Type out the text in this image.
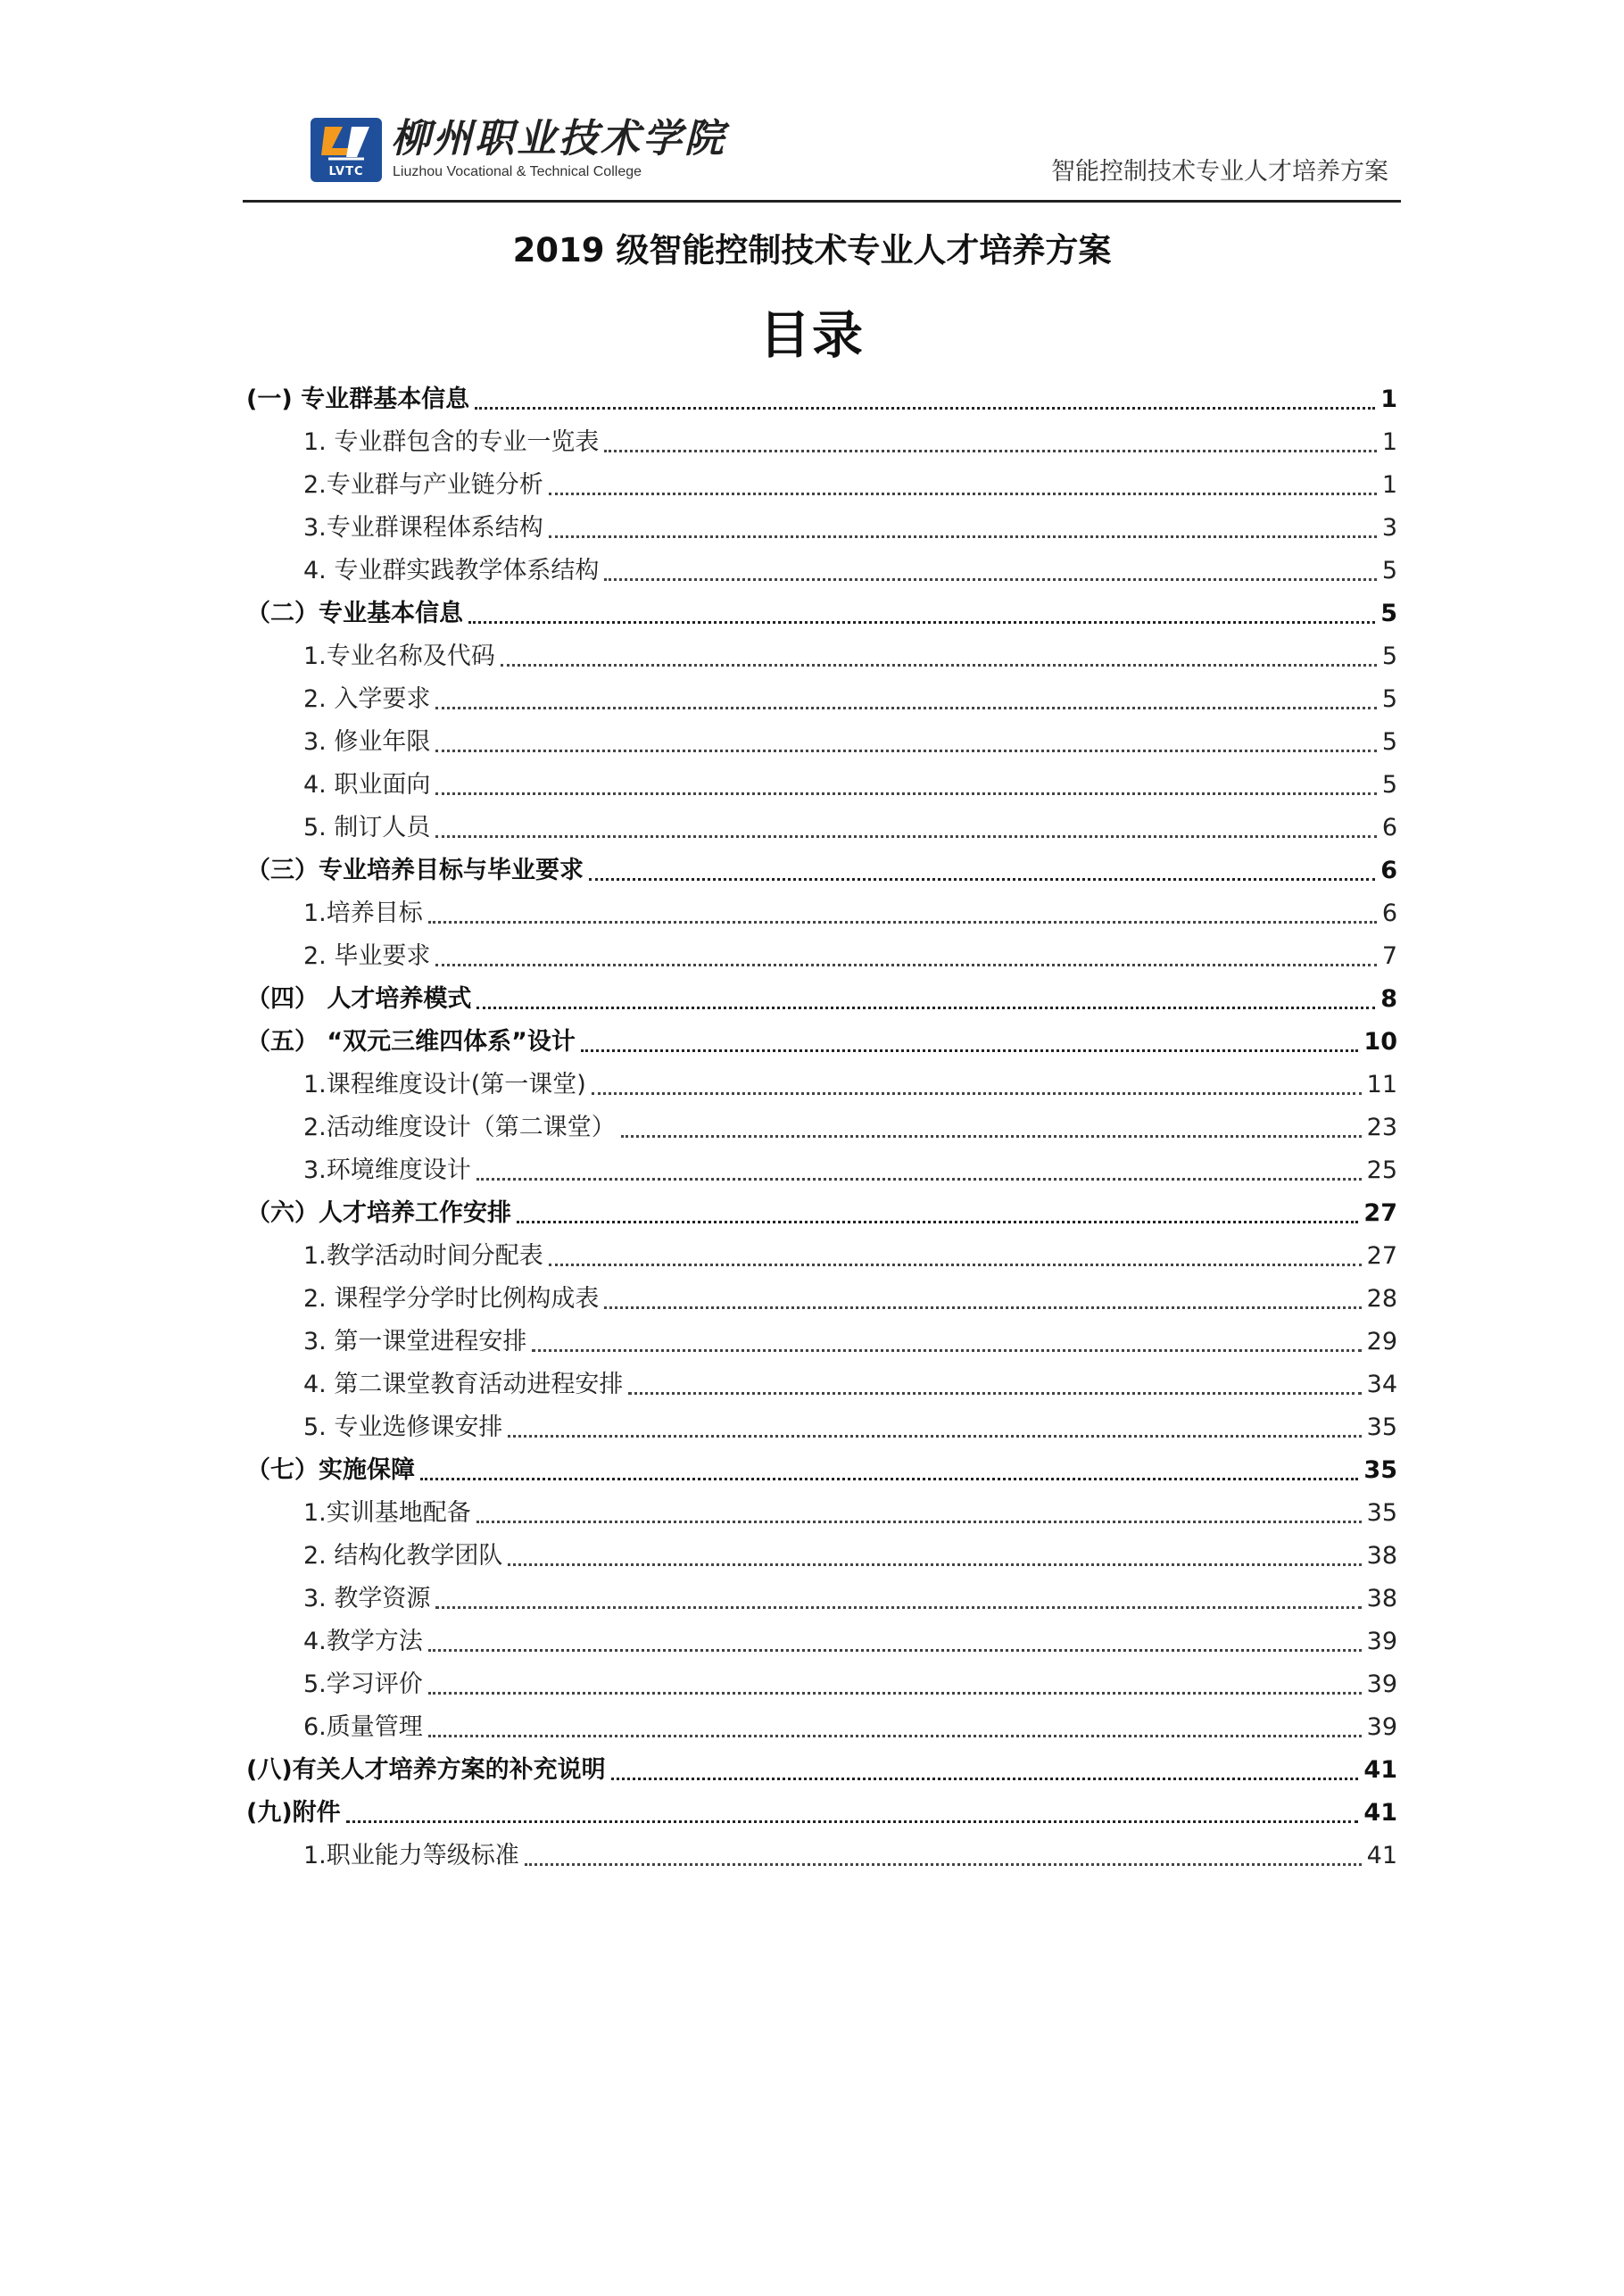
LVTC
柳州职业技术学院
Liuzhou Vocational & Technical College	智能控制技术专业人才培养方案
2019 级智能控制技术专业人才培养方案
目录
(一) 专业群基本信息	1
1. 专业群包含的专业一览表	1
2.专业群与产业链分析	1
3.专业群课程体系结构	3
4. 专业群实践教学体系结构	5
（二）专业基本信息	5
1.专业名称及代码	5
2. 入学要求	5
3. 修业年限	5
4. 职业面向	5
5. 制订人员	6
（三）专业培养目标与毕业要求	6
1.培养目标	6
2. 毕业要求	7
（四） 人才培养模式	8
（五） “双元三维四体系”设计	10
1.课程维度设计(第一课堂)	11
2.活动维度设计（第二课堂）	23
3.环境维度设计	25
（六）人才培养工作安排	27
1.教学活动时间分配表	27
2. 课程学分学时比例构成表	28
3. 第一课堂进程安排	29
4. 第二课堂教育活动进程安排	34
5. 专业选修课安排	35
（七）实施保障	35
1.实训基地配备	35
2. 结构化教学团队	38
3. 教学资源	38
4.教学方法	39
5.学习评价	39
6.质量管理	39
(八)有关人才培养方案的补充说明	41
(九)附件	41
1.职业能力等级标准	41
